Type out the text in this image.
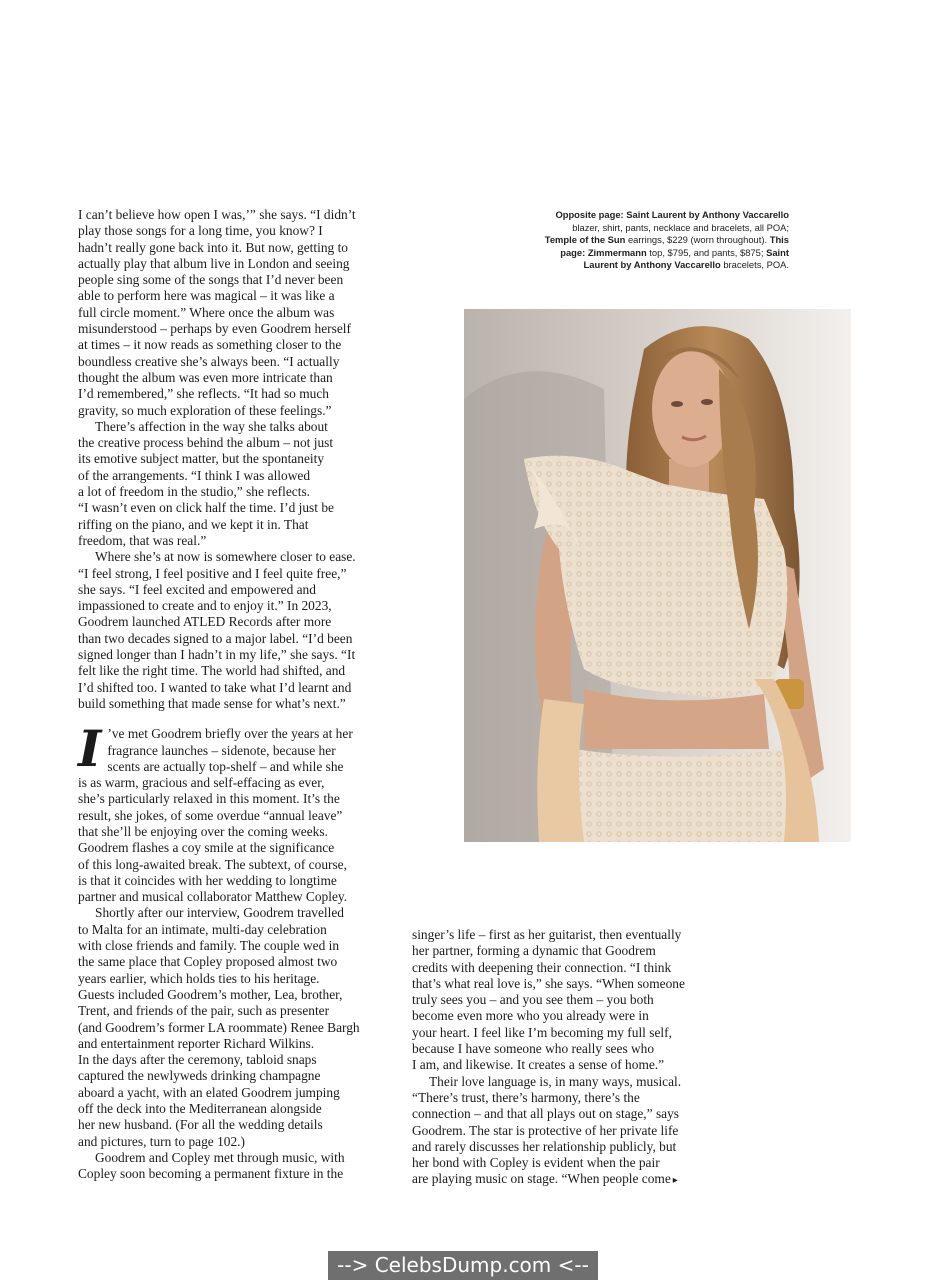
I can’t believe how open I was,’” she says. “I didn’t
play those songs for a long time, you know? I
hadn’t really gone back into it. But now, getting to
actually play that album live in London and seeing
people sing some of the songs that I’d never been
able to perform here was magical – it was like a
full circle moment.” Where once the album was
misunderstood – perhaps by even Goodrem herself
at times – it now reads as something closer to the
boundless creative she’s always been. “I actually
thought the album was even more intricate than
I’d remembered,” she reflects. “It had so much
gravity, so much exploration of these feelings.”

There’s affection in the way she talks about
the creative process behind the album – not just
its emotive subject matter, but the spontaneity
of the arrangements. “I think I was allowed
a lot of freedom in the studio,” she reflects.
“I wasn’t even on click half the time. I’d just be
riffing on the piano, and we kept it in. That
freedom, that was real.”

Where she’s at now is somewhere closer to ease.
“I feel strong, I feel positive and I feel quite free,”
she says. “I feel excited and empowered and
impassioned to create and to enjoy it.” In 2023,
Goodrem launched ATLED Records after more
than two decades signed to a major label. “I’d been
signed longer than I hadn’t in my life,” she says. “It
felt like the right time. The world had shifted, and
I’d shifted too. I wanted to take what I’d learnt and
build something that made sense for what’s next.”

I ’ve met Goodrem briefly over the years at her
fragrance launches – sidenote, because her
scents are actually top-shelf – and while she
is as warm, gracious and self-effacing as ever,
she’s particularly relaxed in this moment. It’s the
result, she jokes, of some overdue “annual leave”
that she’ll be enjoying over the coming weeks.
Goodrem flashes a coy smile at the significance
of this long-awaited break. The subtext, of course,
is that it coincides with her wedding to longtime
partner and musical collaborator Matthew Copley.

Shortly after our interview, Goodrem travelled
to Malta for an intimate, multi-day celebration
with close friends and family. The couple wed in
the same place that Copley proposed almost two
years earlier, which holds ties to his heritage.
Guests included Goodrem’s mother, Lea, brother,
Trent, and friends of the pair, such as presenter
(and Goodrem’s former LA roommate) Renee Bargh
and entertainment reporter Richard Wilkins.
In the days after the ceremony, tabloid snaps
captured the newlyweds drinking champagne
aboard a yacht, with an elated Goodrem jumping
off the deck into the Mediterranean alongside
her new husband. (For all the wedding details
and pictures, turn to page 102.)

Goodrem and Copley met through music, with
Copley soon becoming a permanent fixture in the

Opposite page: Saint Laurent by Anthony Vaccarello blazer, shirt, pants, necklace and bracelets, all POA; Temple of the Sun earrings, $229 (worn throughout). This page: Zimmermann top, $795, and pants, $875; Saint Laurent by Anthony Vaccarello bracelets, POA.

singer’s life – first as her guitarist, then eventually
her partner, forming a dynamic that Goodrem
credits with deepening their connection. “I think
that’s what real love is,” she says. “When someone
truly sees you – and you see them – you both
become even more who you already were in
your heart. I feel like I’m becoming my full self,
because I have someone who really sees who
I am, and likewise. It creates a sense of home.”

Their love language is, in many ways, musical.
“There’s trust, there’s harmony, there’s the
connection – and that all plays out on stage,” says
Goodrem. The star is protective of her private life
and rarely discusses her relationship publicly, but
her bond with Copley is evident when the pair
are playing music on stage. “When people come ▸

--> CelebsDump.com <--
